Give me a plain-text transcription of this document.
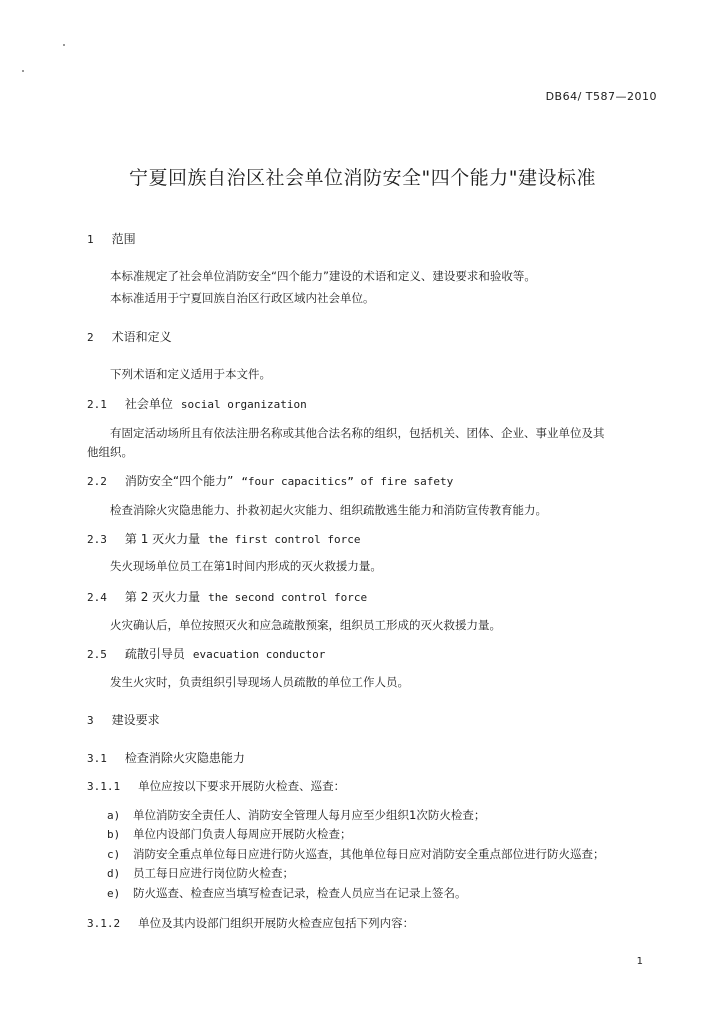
DB64/ T587—2010
宁夏回族自治区社会单位消防安全"四个能力"建设标准
1 范围
本标准规定了社会单位消防安全“四个能力”建设的术语和定义、建设要求和验收等。
本标准适用于宁夏回族自治区行政区域内社会单位。
2 术语和定义
下列术语和定义适用于本文件。
2.1 社会单位 social organization
有固定活动场所且有依法注册名称或其他合法名称的组织，包括机关、团体、企业、事业单位及其
他组织。
2.2 消防安全“四个能力” “four capacitics” of fire safety
检查消除火灾隐患能力、扑救初起火灾能力、组织疏散逃生能力和消防宣传教育能力。
2.3 第 1 灭火力量 the first control force
失火现场单位员工在第1时间内形成的灭火救援力量。
2.4 第 2 灭火力量 the second control force
火灾确认后，单位按照灭火和应急疏散预案，组织员工形成的灭火救援力量。
2.5 疏散引导员 evacuation conductor
发生火灾时，负责组织引导现场人员疏散的单位工作人员。
3 建设要求
3.1 检查消除火灾隐患能力
3.1.1 单位应按以下要求开展防火检查、巡查：
a) 单位消防安全责任人、消防安全管理人每月应至少组织1次防火检查；
b) 单位内设部门负责人每周应开展防火检查；
c) 消防安全重点单位每日应进行防火巡查，其他单位每日应对消防安全重点部位进行防火巡查；
d) 员工每日应进行岗位防火检查；
e) 防火巡查、检查应当填写检查记录，检查人员应当在记录上签名。
3.1.2 单位及其内设部门组织开展防火检查应包括下列内容：
1
